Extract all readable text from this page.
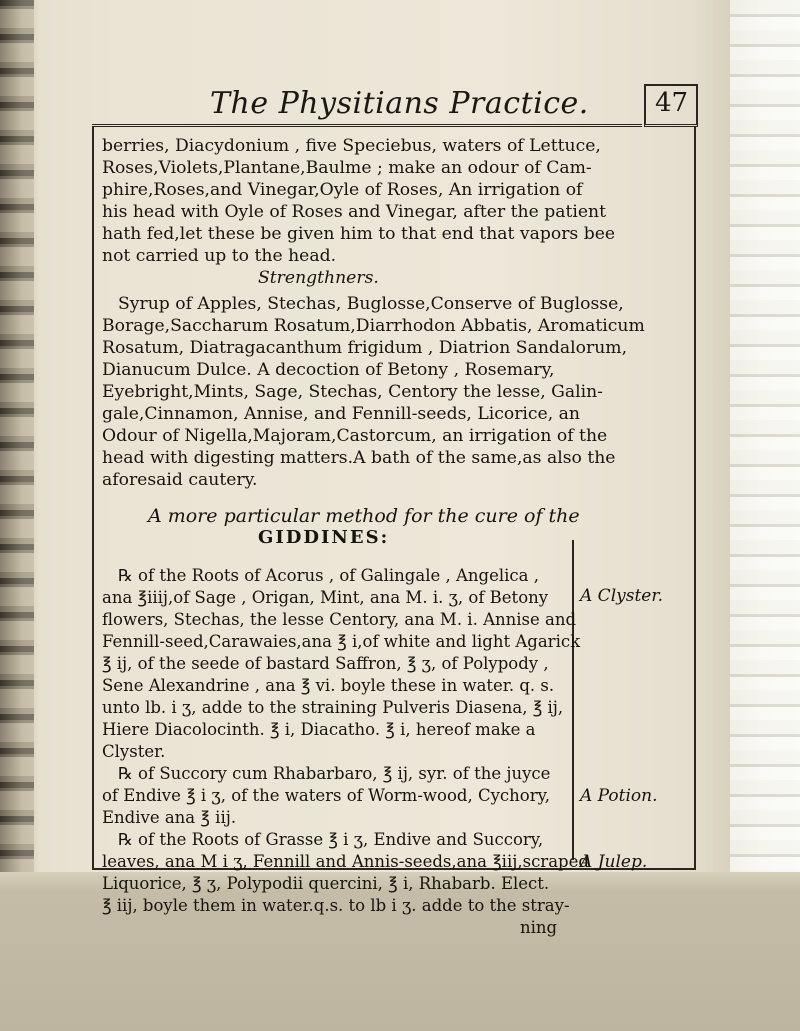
The Physitians Practice.	47
berries, Diacydonium , five Speciebus, waters of Lettuce,
Roses,Violets,Plantane,Baulme ; make an odour of Cam-
phire,Roses,and Vinegar,Oyle of Roses, An irrigation of
his head with Oyle of Roses and Vinegar, after the patient
hath fed,let these be given him to that end that vapors bee
not carried up to the head.
Strengthners.
Syrup of Apples, Stechas, Buglosse,Conserve of Buglosse,
Borage,Saccharum Rosatum,Diarrhodon Abbatis, Aromaticum
Rosatum, Diatragacanthum frigidum , Diatrion Sandalorum,
Dianucum Dulce. A decoction of Betony , Rosemary,
Eyebright,Mints, Sage, Stechas, Centory the lesse, Galin-
gale,Cinnamon, Annise, and Fennill-seeds, Licorice, an
Odour of Nigella,Majoram,Castorcum, an irrigation of the
head with digesting matters.A bath of the same,as also the
aforesaid cautery.
A more particular method for the cure of the
GIDDINES:
℞ of the Roots of Acorus , of Galingale , Angelica ,
ana ℥iiij,of Sage , Origan, Mint, ana M. i. ʒ, of Betony
flowers, Stechas, the lesse Centory, ana M. i. Annise and
Fennill-seed,Carawaies,ana ℥ i,of white and light Agarick
℥ ij, of the seede of bastard Saffron, ℥ ʒ, of Polypody ,
Sene Alexandrine , ana ℥ vi. boyle these in water. q. s.
unto lb. i ʒ, adde to the straining Pulveris Diasena, ℥ ij,
Hiere Diacolocinth. ℥ i, Diacatho. ℥ i, hereof make a
Clyster.
℞ of Succory cum Rhabarbaro, ℥ ij, syr. of the juyce
of Endive ℥ i ʒ, of the waters of Worm-wood, Cychory,
Endive ana ℥ iij.
℞ of the Roots of Grasse ℥ i ʒ, Endive and Succory,
leaves, ana M i ʒ, Fennill and Annis-seeds,ana ℥iij,scraped
Liquorice, ℥ ʒ, Polypodii quercini, ℥ i, Rhabarb. Elect.
℥ iij, boyle them in water.q.s. to lb i ʒ. adde to the stray-
ning
A Clyster.
A Potion.
A Julep.
